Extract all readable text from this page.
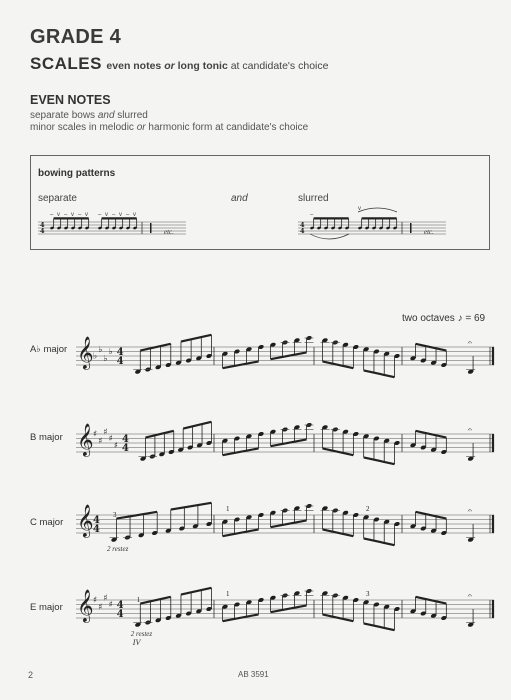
GRADE 4
SCALES even notes or long tonic at candidate's choice
EVEN NOTES
separate bows and slurred
minor scales in melodic or harmonic form at candidate's choice
bowing patterns
separate	and	slurred
4
4
– v – v – v – v – v – v
etc.
4
4
–
v
etc.
two octaves ♪ = 69
A♭ major 𝄞 ♭
♭
♭
♭ 4
4
𝄐
B major 𝄞 ♯
♯
♯
♯
♯
4
4
𝄐
C major 𝄞 4
4
𝄐
3
1	2
2 restez
E major 𝄞 ♯
♯
♯
♯ 4
4
𝄐
1
1	3
2 restez
IV
2	AB 3591
